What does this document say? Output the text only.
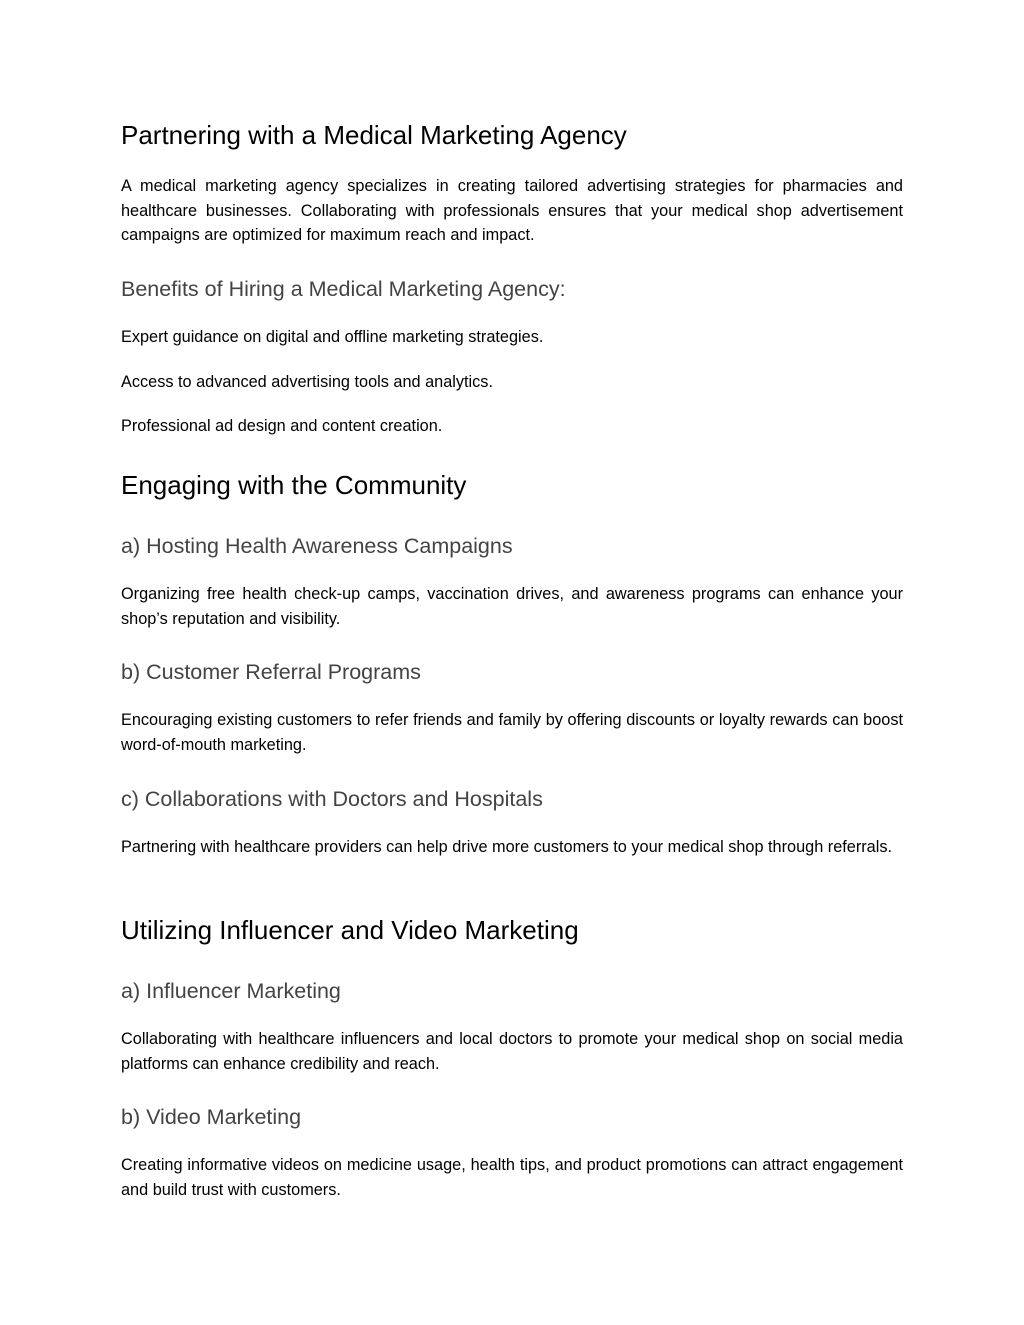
Partnering with a Medical Marketing Agency

A medical marketing agency specializes in creating tailored advertising strategies for pharmacies and healthcare businesses. Collaborating with professionals ensures that your medical shop advertisement campaigns are optimized for maximum reach and impact.

Benefits of Hiring a Medical Marketing Agency:

Expert guidance on digital and offline marketing strategies.

Access to advanced advertising tools and analytics.

Professional ad design and content creation.

Engaging with the Community
a) Hosting Health Awareness Campaigns

Organizing free health check-up camps, vaccination drives, and awareness programs can enhance your shop’s reputation and visibility.

b) Customer Referral Programs

Encouraging existing customers to refer friends and family by offering discounts or loyalty rewards can boost word-of-mouth marketing.

c) Collaborations with Doctors and Hospitals

Partnering with healthcare providers can help drive more customers to your medical shop through referrals.

Utilizing Influencer and Video Marketing
a) Influencer Marketing

Collaborating with healthcare influencers and local doctors to promote your medical shop on social media platforms can enhance credibility and reach.

b) Video Marketing

Creating informative videos on medicine usage, health tips, and product promotions can attract engagement and build trust with customers.
